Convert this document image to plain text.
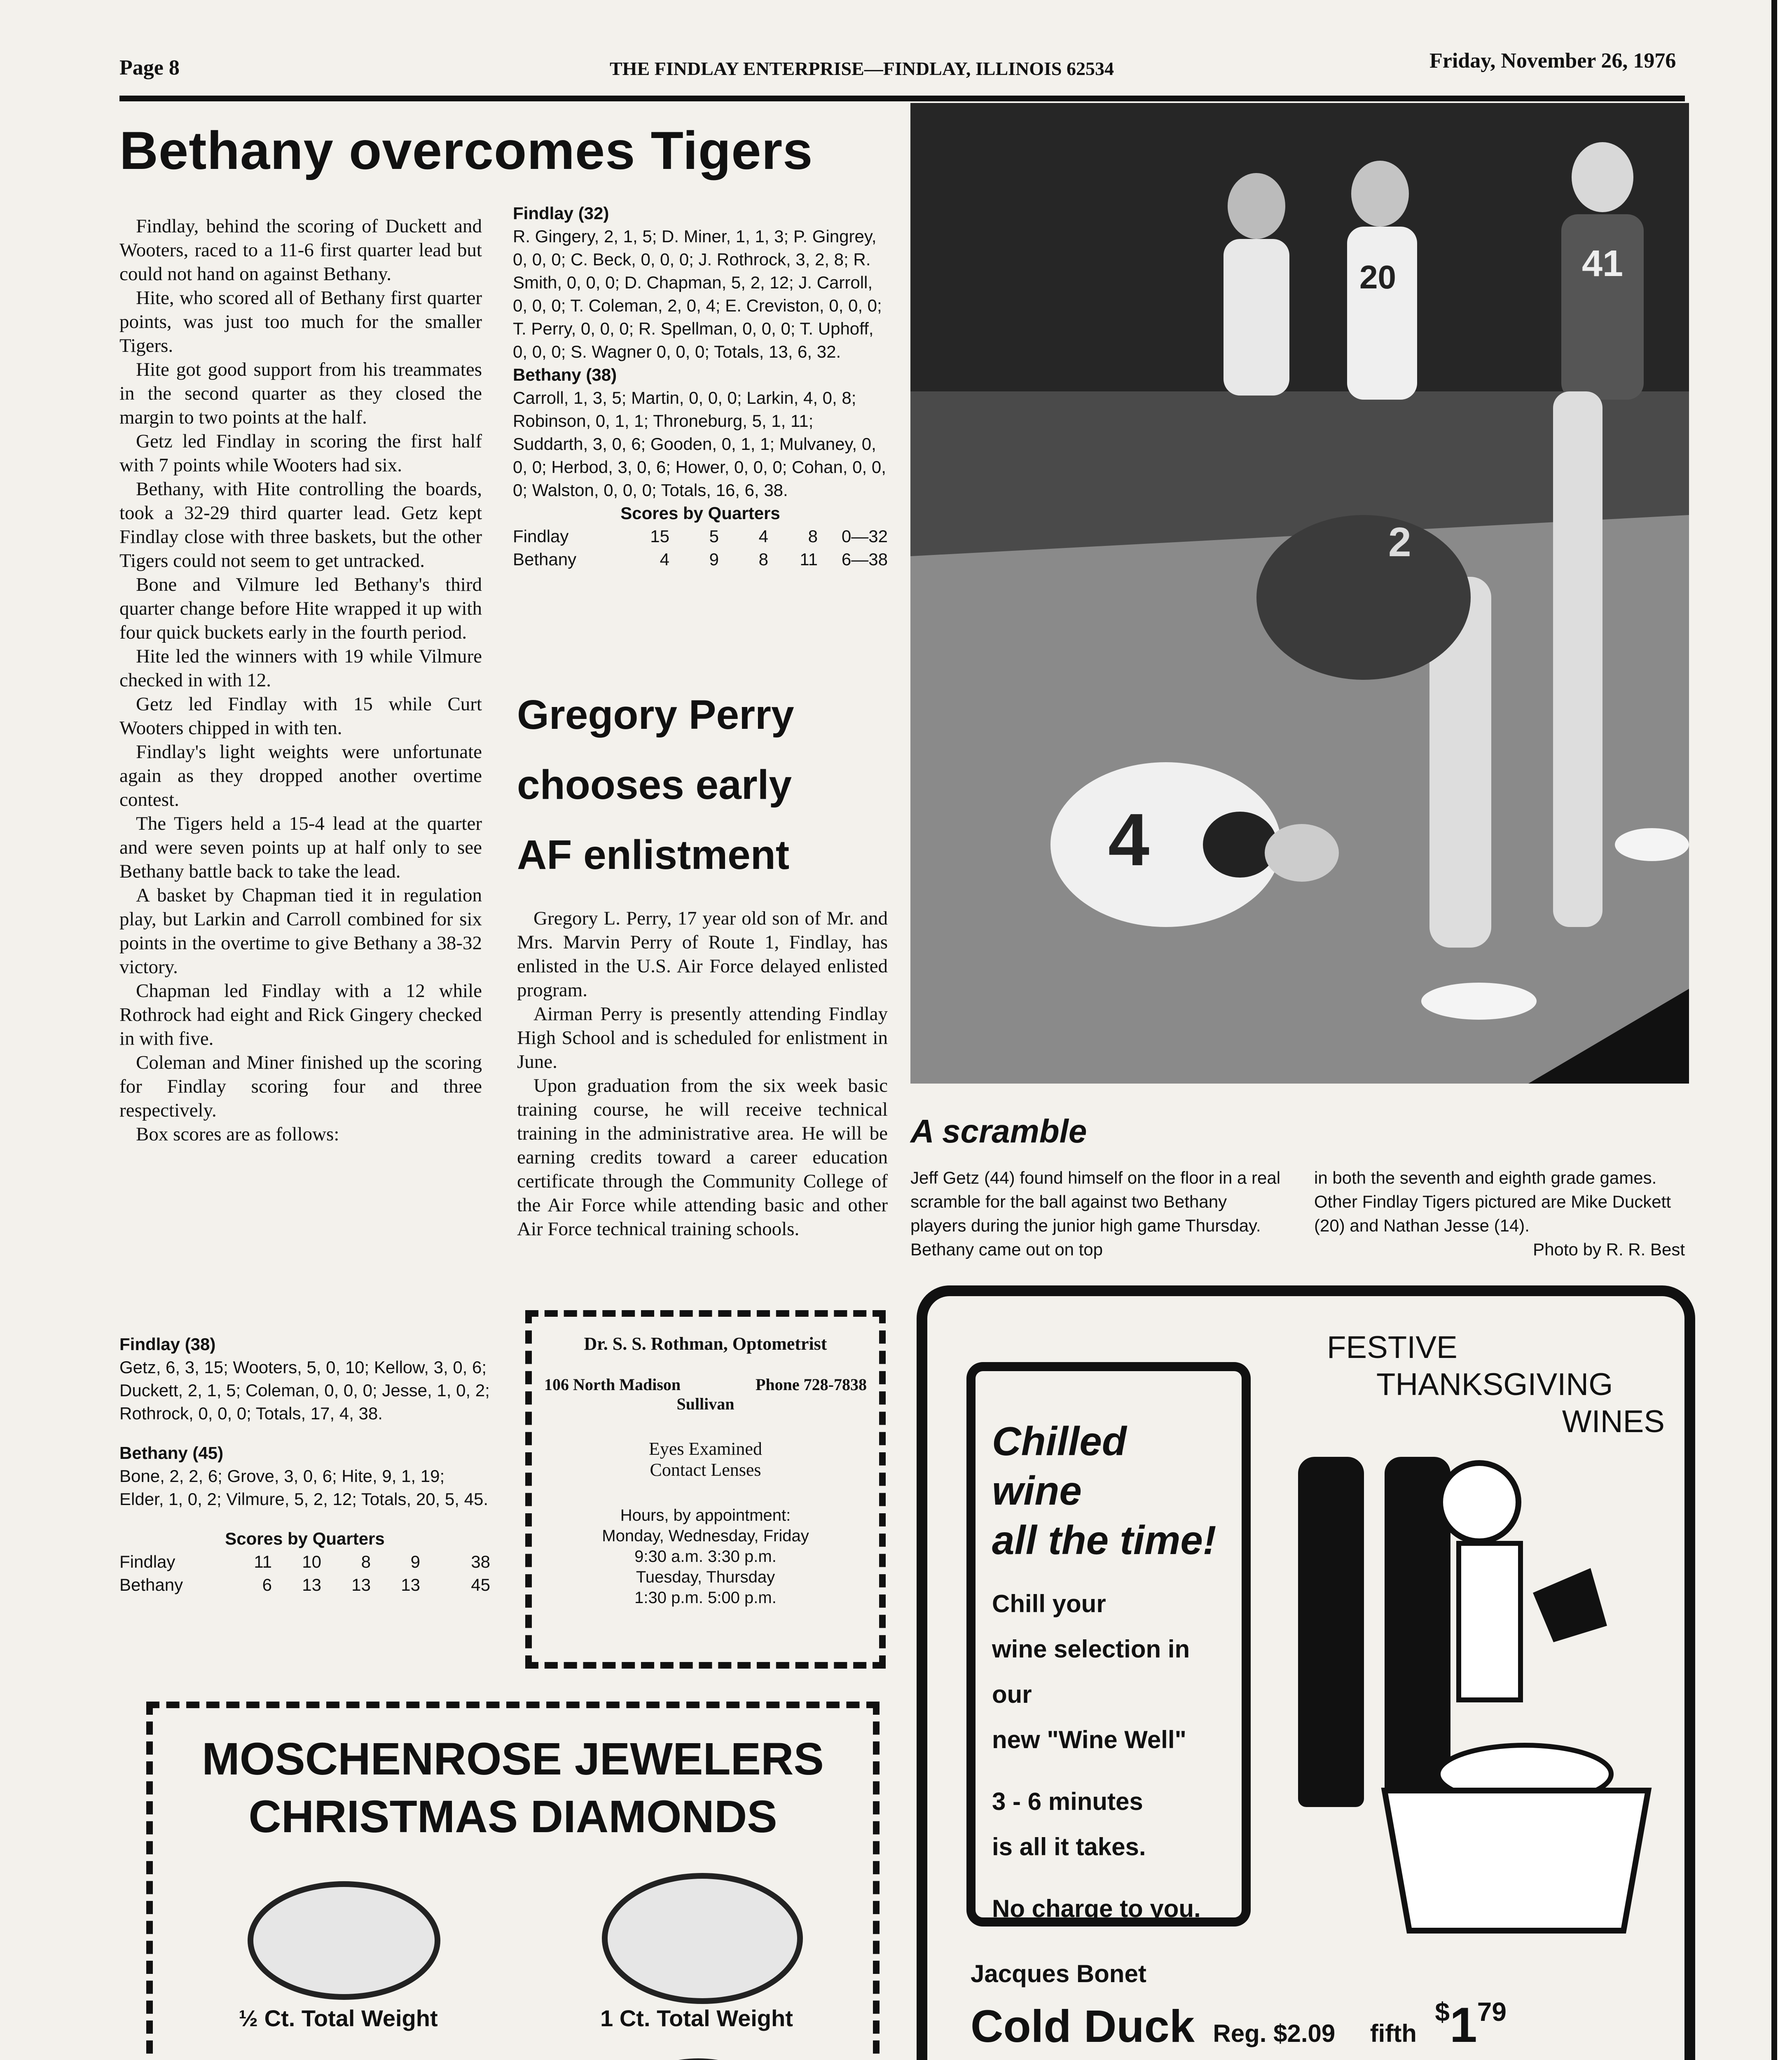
Page 8	THE FINDLAY ENTERPRISE—FINDLAY, ILLINOIS 62534	Friday, November 26, 1976
Bethany overcomes Tigers

Findlay, behind the scoring of Duckett and Wooters, raced to a 11-6 first quarter lead but could not hand on against Bethany.

Hite, who scored all of Bethany first quarter points, was just too much for the smaller Tigers.

Hite got good support from his treammates in the second quarter as they closed the margin to two points at the half.

Getz led Findlay in scoring the first half with 7 points while Wooters had six.

Bethany, with Hite controlling the boards, took a 32-29 third quarter lead. Getz kept Findlay close with three baskets, but the other Tigers could not seem to get untracked.

Bone and Vilmure led Bethany's third quarter change before Hite wrapped it up with four quick buckets early in the fourth period.

Hite led the winners with 19 while Vilmure checked in with 12.

Getz led Findlay with 15 while Curt Wooters chipped in with ten.

Findlay's light weights were unfortunate again as they dropped another overtime contest.

The Tigers held a 15-4 lead at the quarter and were seven points up at half only to see Bethany battle back to take the lead.

A basket by Chapman tied it in regulation play, but Larkin and Carroll combined for six points in the overtime to give Bethany a 38-32 victory.

Chapman led Findlay with a 12 while Rothrock had eight and Rick Gingery checked in with five.

Coleman and Miner finished up the scoring for Findlay scoring four and three respectively.

Box scores are as follows:

Findlay (38)
Getz, 6, 3, 15; Wooters, 5, 0, 10; Kellow, 3, 0, 6; Duckett, 2, 1, 5; Coleman, 0, 0, 0; Jesse, 1, 0, 2; Rothrock, 0, 0, 0; Totals, 17, 4, 38.
Bethany (45)
Bone, 2, 2, 6; Grove, 3, 0, 6; Hite, 9, 1, 19; Elder, 1, 0, 2; Vilmure, 5, 2, 12; Totals, 20, 5, 45.
Scores by Quarters
Findlay	11	10	8	9	38
Bethany	6	13	13	13	45
Findlay (32)
R. Gingery, 2, 1, 5; D. Miner, 1, 1, 3; P. Gingrey, 0, 0, 0; C. Beck, 0, 0, 0; J. Rothrock, 3, 2, 8; R. Smith, 0, 0, 0; D. Chapman, 5, 2, 12; J. Carroll, 0, 0, 0; T. Coleman, 2, 0, 4; E. Creviston, 0, 0, 0; T. Perry, 0, 0, 0; R. Spellman, 0, 0, 0; T. Uphoff, 0, 0, 0; S. Wagner 0, 0, 0; Totals, 13, 6, 32.
Bethany (38)
Carroll, 1, 3, 5; Martin, 0, 0, 0; Larkin, 4, 0, 8; Robinson, 0, 1, 1; Throneburg, 5, 1, 11; Suddarth, 3, 0, 6; Gooden, 0, 1, 1; Mulvaney, 0, 0, 0; Herbod, 3, 0, 6; Hower, 0, 0, 0; Cohan, 0, 0, 0; Walston, 0, 0, 0; Totals, 16, 6, 38.
Scores by Quarters
Findlay	15	5	4	8	0—32
Bethany	4	9	8	11	6—38
Gregory Perry
chooses early
AF enlistment

Gregory L. Perry, 17 year old son of Mr. and Mrs. Marvin Perry of Route 1, Findlay, has enlisted in the U.S. Air Force delayed enlisted program.

Airman Perry is presently attending Findlay High School and is scheduled for enlistment in June.

Upon graduation from the six week basic training course, he will receive technical training in the administrative area. He will be earning credits toward a career education certificate through the Community College of the Air Force while attending basic and other Air Force technical training schools.

20	41
2
4
A scramble
Jeff Getz (44) found himself on the floor in a real scramble for the ball against two Bethany players during the junior high game Thursday. Bethany came out on top
in both the seventh and eighth grade games. Other Findlay Tigers pictured are Mike Duckett (20) and Nathan Jesse (14).
Photo by R. R. Best
Dr. S. S. Rothman, Optometrist
106 North Madison	Phone 728-7838
Sullivan
Eyes Examined
Contact Lenses
Hours, by appointment:
Monday, Wednesday, Friday
9:30 a.m. 3:30 p.m.
Tuesday, Thursday
1:30 p.m. 5:00 p.m.
MOSCHENROSE JEWELERS
CHRISTMAS DIAMONDS
½ Ct. Total Weight	1 Ct. Total Weight
FESTIVE
THANKSGIVING
WINES
Chilled wine
all the time!
Chill your
wine selection in our
new "Wine Well"
3 - 6 minutes
is all it takes.
No charge to you.
Jacques Bonet
Cold Duck Reg. $2.09 fifth $179
